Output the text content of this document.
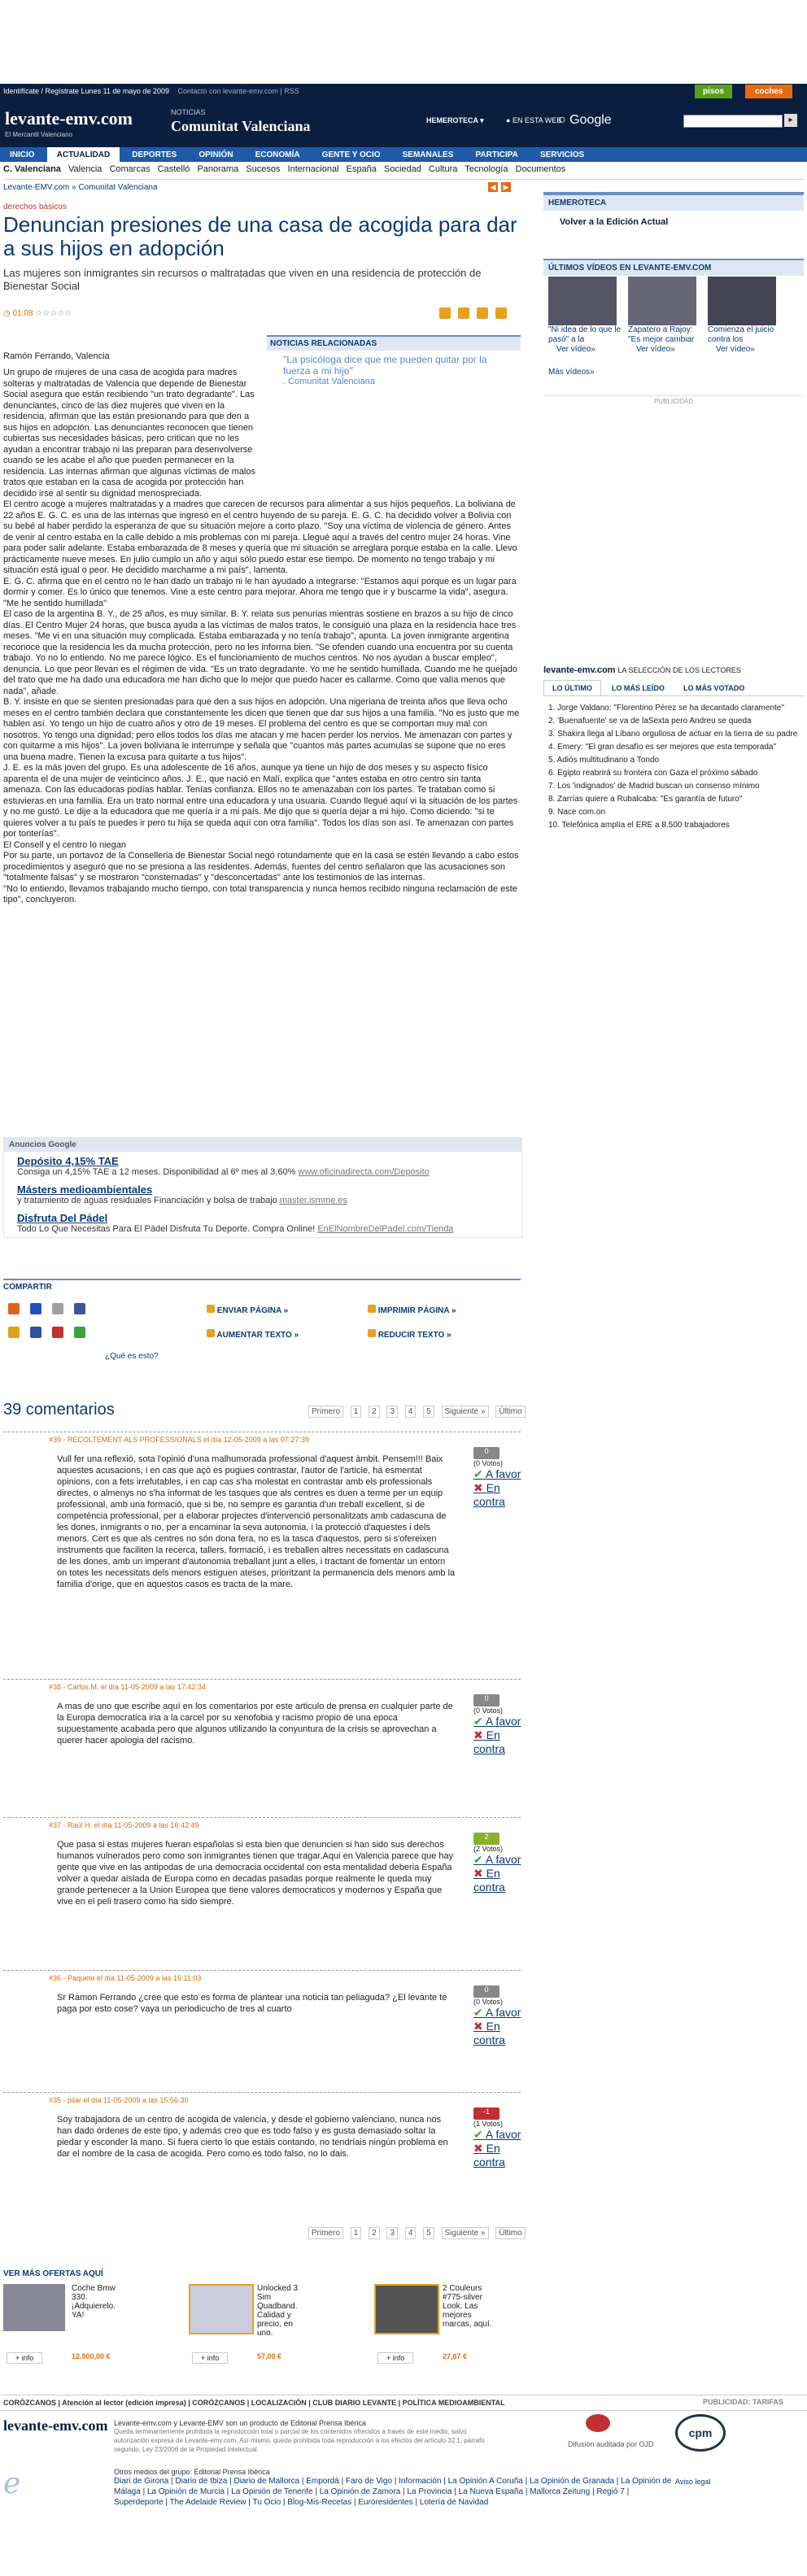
Identifícate / Regístrate Lunes 11 de mayo de 2009 Contacto con levante-emv.com | RSS	pisos	coches
levante-emv.com
El Mercantil Valenciano
NOTICIAS
Comunitat Valenciana	HEMEROTECA ▾	● EN ESTA WEB
○ Google	▸
INICIO	ACTUALIDAD	DEPORTES	OPINIÓN	ECONOMÍA	GENTE Y OCIO	SEMANALES	PARTICIPA	SERVICIOS
C. Valenciana Valencia Comarcas Castelló Panorama Sucesos Internacional España Sociedad Cultura Tecnología Documentos
Levante-EMV.com » Comunitat Valenciana	◀ ▶
derechos básicos
Denuncian presiones de una casa de acogida para dar a sus hijos en adopción
Las mujeres son inmigrantes sin recursos o maltratadas que viven en una residencia de protección de Bienestar Social
◷ 01:08 ☆☆☆☆☆

NOTICIAS RELACIONADAS
"La psicóloga dice que me pueden quitar por la fuerza a mi hijo"
. Comunitat Valenciana
Ramón Ferrando, Valencia
Un grupo de mujeres de una casa de acogida para madres solteras y maltratadas de Valencia que depende de Bienestar Social asegura que están recibiendo "un trato degradante". Las denunciantes, cinco de las diez mujeres que viven en la residencia, afirman que las están presionando para que den a sus hijos en adopción. Las denunciantes reconocen que tienen cubiertas sus necesidades básicas, pero critican que no les ayudan a encontrar trabajo ni las preparan para desenvolverse cuando se les acabe el año que pueden permanecer en la residencia. Las internas afirman que algunas víctimas de malos tratos que estaban en la casa de acogida por protección han decidido irse al sentir su dignidad menospreciada.
El centro acoge a mujeres maltratadas y a madres que carecen de recursos para alimentar a sus hijos pequeños. La boliviana de 22 años E. G. C. es una de las internas que ingresó en el centro huyendo de su pareja. E. G. C. ha decidido volver a Bolivia con su bebé al haber perdido la esperanza de que su situación mejore a corto plazo. "Soy una víctima de violencia de género. Antes de venir al centro estaba en la calle debido a mis problemas con mi pareja. Llegué aquí a través del centro mujer 24 horas. Vine para poder salir adelante. Estaba embarazada de 8 meses y quería que mi situación se arreglara porque estaba en la calle. Llevo prácticamente nueve meses. En julio cumplo un año y aquí sólo puedo estar ese tiempo. De momento no tengo trabajo y mi situación está igual o peor. He decidido marcharme a mi país", lamenta.
E. G. C. afirma que en el centro no le han dado un trabajo ni le han ayudado a integrarse: "Estamos aquí porque es un lugar para dormir y comer. Es lo único que tenemos. Vine a este centro para mejorar. Ahora me tengo que ir y buscarme la vida", asegura.
"Me he sentido humillada"
El caso de la argentina B. Y., de 25 años, es muy similar. B. Y. relata sus penurias mientras sostiene en brazos a su hijo de cinco días. El Centro Mujer 24 horas, que busca ayuda a las víctimas de malos tratos, le consiguió una plaza en la residencia hace tres meses. "Me vi en una situación muy complicada. Estaba embarazada y no tenía trabajo", apunta. La joven inmigrante argentina reconoce que la residencia les da mucha protección, pero no les informa bien. "Se ofenden cuando una encuentra por su cuenta trabajo. Yo no lo entiendo. No me parece lógico. Es el funcionamiento de muchos centros. No nos ayudan a buscar empleo", denuncia. Lo que peor llevan es el régimen de vida. "Es un trato degradante. Yo me he sentido humillada. Cuando me he quejado del trato que me ha dado una educadora me han dicho que lo mejor que puedo hacer es callarme. Como que valía menos que nada", añade.
B. Y. insiste en que se sienten presionadas para que den a sus hijos en adopción. Una nigeriana de treinta años que lleva ocho meses en el centro también declara que constantemente les dicen que tienen que dar sus hijos a una familia. "No es justo que me hablen así. Yo tengo un hijo de cuatro años y otro de 19 meses. El problema del centro es que se comportan muy mal con nosotros. Yo tengo una dignidad; pero ellos todos los días me atacan y me hacen perder los nervios. Me amenazan con partes y con quitarme a mis hijos". La joven boliviana le interrumpe y señala que "cuantos más partes acumulas se supone que no eres una buena madre. Tienen la excusa para quitarte a tus hijos".
J. E. es la más joven del grupo. Es una adolescente de 16 años, aunque ya tiene un hijo de dos meses y su aspecto físico aparenta el de una mujer de veinticinco años. J. E., que nació en Malí, explica que "antes estaba en otro centro sin tanta amenaza. Con las educadoras podías hablar. Tenías confianza. Ellos no te amenazaban con los partes. Te trataban como si estuvieras en una familia. Era un trato normal entre una educadora y una usuaria. Cuando llegué aquí vi la situación de los partes y no me gustó. Le dije a la educadora que me quería ir a mi país. Me dijo que si quería dejar a mi hijo. Como diciendo: "si te quieres volver a tu país te puedes ir pero tu hija se queda aquí con otra familia". Todos los días son así. Te amenazan con partes por tonterías".
El Consell y el centro lo niegan
Por su parte, un portavoz de la Conselleria de Bienestar Social negó rotundamente que en la casa se estén llevando a cabo estos procedimientos y aseguró que no se presiona a las residentes. Además, fuentes del centro señalaron que las acusaciones son "totalmente falsas" y se mostraron "consternadas" y "desconcertadas" ante los testimonios de las internas.
"No lo entiendo, llevamos trabajando mucho tiempo, con total transparencia y nunca hemos recibido ninguna reclamación de este tipo", concluyeron.
Anuncios Google
Depósito 4,15% TAE
Consiga un 4,15% TAE a 12 meses. Disponibilidad al 6º mes al 3,60% www.oficinadirecta.com/Deposito
Másters medioambientales
y tratamiento de aguas residuales Financiación y bolsa de trabajo master.ismme.es
Disfruta Del Pádel
Todo Lo Que Necesitas Para El Pádel Disfruta Tu Deporte. Compra Online! EnElNombreDelPadel.com/Tienda
COMPARTIR

¿Qué es esto?
ENVIAR PÁGINA »	IMPRIMIR PÁGINA »
AUMENTAR TEXTO »	REDUCIR TEXTO »
39 comentarios	Primero 1 2 3 4 5 Siguiente » Último
#39 - RECOLTEMENT ALS PROFESSIONALS el día 12-05-2009 a las 07:27:39
Vull fer una reflexió, sota l'opinió d'una malhumorada professional d'aquest àmbit. Pensem!!! Baix aquestes acusacions, i en cas que açò es pugues contrastar, l'autor de l'article, ha esmentat opinions, con a fets irrefutables, i en cap cas s'ha molestat en contrastar amb els professionals directes, o almenys no s'ha informat de les tasques que als centres es duen a terme per un equip professional, amb una formació, que si be, no sempre es garantia d'un treball excellent, si de competència professional, per a elaborar projectes d'intervenció personalitzats amb cadascuna de les dones, inmigrants o no, per a encaminar la seva autonomia, i la protecció d'aquestes i dels menors. Cert es que als centres no són dona fera, no es la tasca d'aquestos, pero si s'ofereixen instruments que faciliten la recerca, tallers, formació, i es treballen altres necessitats en cadascuna de les dones, amb un imperant d'autonomia treballant junt a elles, i tractant de fomentar un entorn on totes les necessitats dels menors estiguen ateses, prioritzant la permanencia dels menors amb la familia d'orige, que en aquestos casos es tracta de la mare.
0
(0 Votos)
✔ A favor
✖ En contra
#38 - Carlos M. el día 11-05-2009 a las 17:42:34
A mas de uno que escribe aquí en los comentarios por este articulo de prensa en cualquier parte de la Europa democratica iria a la carcel por su xenofobia y racismo propio de una epoca supuestamente acabada pero que algunos utilizando la conyuntura de la crisis se aprovechan a querer hacer apologia del racismo.
0
(0 Votos)
✔ A favor
✖ En contra
#37 - Raúl H. el día 11-05-2009 a las 16:42:49
Que pasa si estas mujeres fueran españolas si esta bien que denuncien si han sido sus derechos humanos vulnerados pero como son inmigrantes tienen que tragar.Aqui en Valencia parece que hay gente que vive en las antipodas de una democracia occidental con esta mentalidad deberia España volver a quedar aislada de Europa como en decadas pasadas porque realmente le queda muy grande pertenecer a la Union Europea que tiene valores democraticos y modernos y España que vive en el peli trasero como ha sido siempre.
2
(2 Votos)
✔ A favor
✖ En contra
#36 - Paquete el día 11-05-2009 a las 16:11:03
Sr Ramon Ferrando ¿cree que esto es forma de plantear una noticia tan peliaguda? ¿El levante te paga por esto cose? vaya un periodicucho de tres al cuarto
0
(0 Votos)
✔ A favor
✖ En contra
#35 - pilar el día 11-05-2009 a las 15:56:30
Soy trabajadora de un centro de acogida de valencia, y desde el gobierno valenciano, nunca nos han dado órdenes de este tipo, y además creo que es todo falso y es gusta demasiado soltar la piedar y esconder la mano. Si fuera cierto lo que estáis contando, no tendríais ningún problema en dar el nombre de la casa de acogida. Pero como es todo falso, no lo dais.
-1
(1 Votos)
✔ A favor
✖ En contra
Primero 1 2 3 4 5 Siguiente » Último
VER MÁS OFERTAS AQUÍ
Coche Bmw 330. ¡Adquierelo. YA!
+ info	12.900,00 €
Unlocked 3 Sim Quadband. Calidad y precio, en uno.
+ info	57,00 €
2 Couleurs #775-silver Look. Las mejores marcas, aquí.
+ info	27,67 €
HEMEROTECA
Volver a la Edición Actual
ÚLTIMOS VÍDEOS EN LEVANTE-EMV.COM
"Ni idea de lo que le pasó" a la
Ver vídeo»
Zapatero a Rajoy: "Es mejor cambiar
Ver vídeo»
Comienza el juicio contra los
Ver vídeo»
Más vídeos»
PUBLICIDAD
levante-emv.com LA SELECCIÓN DE LOS LECTORES
LO ÚLTIMO	LO MÁS LEÍDO	LO MÁS VOTADO
1. Jorge Valdano: "Florentino Pérez se ha decantado claramente"
2. 'Buenafuente' se va de laSexta pero Andreu se queda
3. Shakira llega al Líbano orgullosa de actuar en la tierra de su padre
4. Emery: "El gran desafío es ser mejores que esta temporada"
5. Adiós multitudinario a Tondo
6. Egipto reabrirá su frontera con Gaza el próximo sábado
7. Los 'indignados' de Madrid buscan un consenso mínimo
8. Zarrías quiere a Rubalcaba: "Es garantía de futuro"
9. Nace com.on
10. Telefónica amplía el ERE a 8.500 trabajadores
CORÓZCANOS | Atención al lector (edición impresa) | CORÓZCANOS | LOCALIZACIÓN | CLUB DIARIO LEVANTE | POLÍTICA MEDIOAMBIENTAL	PUBLICIDAD: TARIFAS
levante-emv.com Levante-emv.com y Levante-EMV son un producto de Editorial Prensa Ibérica
Queda terminantemente prohibida la reproducción total o parcial de los contenidos ofrecidos a través de este medio, salvo autorización expresa de Levante-emv.com. Así mismo, queda prohibida toda reproducción a los efectos del artículo 32.1, párrafo segundo, Ley 23/2006 de la Propiedad intelectual.
Difusión auditada por OJD
cpm
Aviso legal
ℯ	Otros medios del grupo: Editorial Prensa Ibérica
Diari de Girona | Diario de Ibiza | Diario de Mallorca | Empordà | Faro de Vigo | Información | La Opinión A Coruña | La Opinión de Granada | La Opinión de Málaga | La Opinión de Murcia | La Opinión de Tenerife | La Opinión de Zamora | La Provincia | La Nueva España | Mallorca Zeitung | Regió 7 | Superdeporte | The Adelaide Review | Tu Ocio | Blog-Mis-Recetas | Euroresidentes | Lotería de Navidad
